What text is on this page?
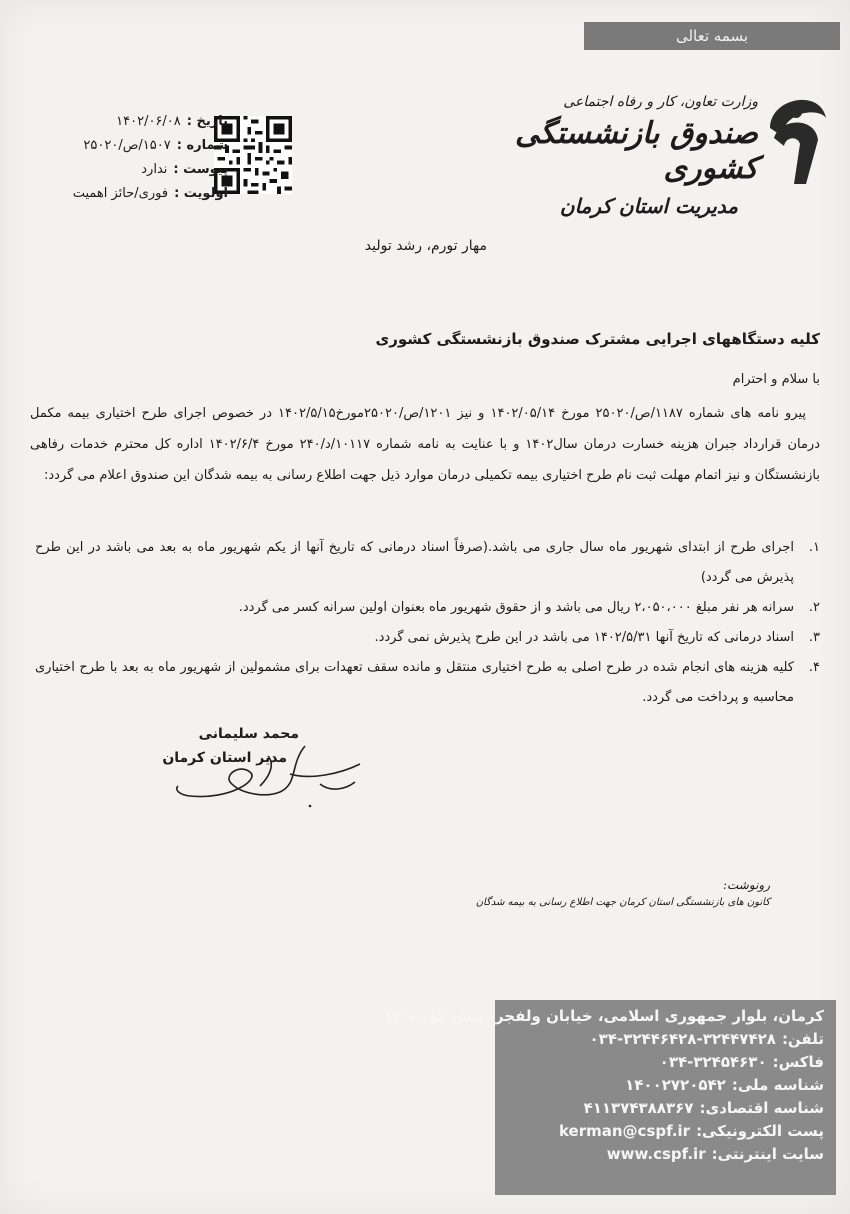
بسمه تعالی
وزارت تعاون، کار و رفاه اجتماعی
صندوق بازنشستگی کشوری
مدیریت استان کرمان
تاریخ :
۱۴۰۲/۰۶/۰۸
شماره :
۱۵۰۷/ص/۲۵۰۲۰
پیوست :
ندارد
اولویت :
فوری/حائز اهمیت
مهار تورم، رشد تولید
کلیه دستگاههای اجرایی مشترک صندوق بازنشستگی کشوری
با سلام و احترام
پیرو نامه های شماره ۱۱۸۷/ص/۲۵۰۲۰ مورخ ۱۴۰۲/۰۵/۱۴ و نیز ۱۲۰۱/ص/۲۵۰۲۰مورخ۱۴۰۲/۵/۱۵ در خصوص اجرای طرح اختیاری بیمه مکمل درمان قرارداد جبران هزینه خسارت درمان سال۱۴۰۲ و با عنایت به نامه شماره ۱۰۱۱۷/د/۲۴۰ مورخ ۱۴۰۲/۶/۴ اداره کل محترم خدمات رفاهی بازنشستگان و نیز اتمام مهلت ثبت نام طرح اختیاری بیمه تکمیلی درمان موارد ذیل جهت اطلاع رسانی به بیمه شدگان این صندوق اعلام می گردد:
۱.
اجرای طرح از ابتدای شهریور ماه سال جاری می باشد.(صرفاً اسناد درمانی که تاریخ آنها از یکم شهریور ماه به بعد می باشد در این طرح پذیرش می گردد)
۲.
سرانه هر نفر مبلغ ۲،۰۵۰،۰۰۰ ریال می باشد و از حقوق شهریور ماه بعنوان اولین سرانه کسر می گردد.
۳.
اسناد درمانی که تاریخ آنها ۱۴۰۲/۵/۳۱ می باشد در این طرح پذیرش نمی گردد.
۴.
کلیه هزینه های انجام شده در طرح اصلی به طرح اختیاری منتقل و مانده سقف تعهدات برای مشمولین از شهریور ماه به بعد با طرح اختیاری محاسبه و پرداخت می گردد.
محمد سلیمانی
مدیر استان کرمان
رونوشت:
کانون های بازنشستگی استان کرمان جهت اطلاع رسانی به بیمه شدگان
کرمان، بلوار جمهوری اسلامی، خیابان ولفجر، نبش کوچه ۱۲
تلفن:
۰۳۴-۳۲۴۴۶۴۲۸-۳۲۴۴۷۴۲۸
فاکس:
۰۳۴-۳۲۴۵۴۶۳۰
شناسه ملی:
۱۴۰۰۲۷۲۰۵۴۲
شناسه اقتصادی:
۴۱۱۳۷۴۳۸۸۳۶۷
پست الکترونیکی:
kerman@cspf.ir
سایت اینترنتی:
www.cspf.ir
